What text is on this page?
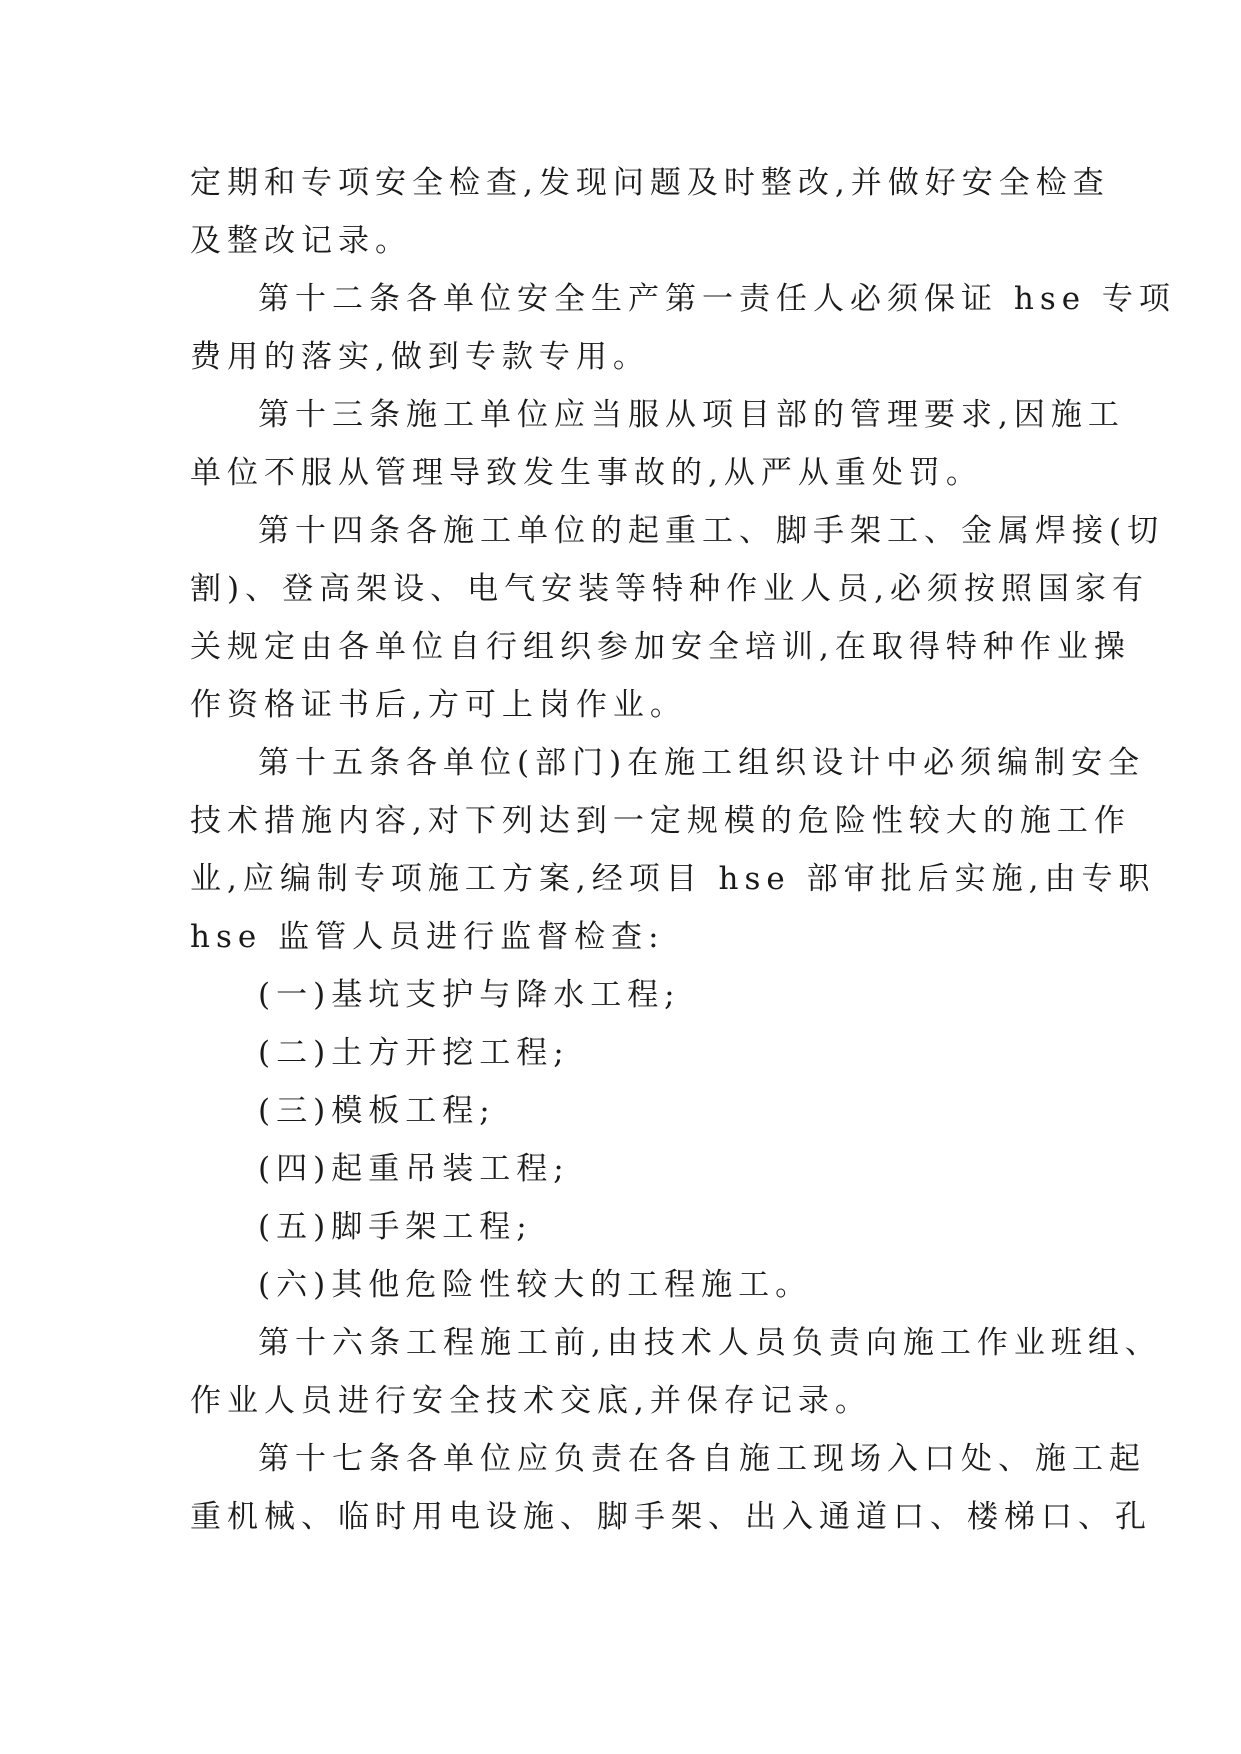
定期和专项安全检查,发现问题及时整改,并做好安全检查
及整改记录。
第十二条各单位安全生产第一责任人必须保证 hse 专项
费用的落实,做到专款专用。
第十三条施工单位应当服从项目部的管理要求,因施工
单位不服从管理导致发生事故的,从严从重处罚。
第十四条各施工单位的起重工、脚手架工、金属焊接(切
割)、登高架设、电气安装等特种作业人员,必须按照国家有
关规定由各单位自行组织参加安全培训,在取得特种作业操
作资格证书后,方可上岗作业。
第十五条各单位(部门)在施工组织设计中必须编制安全
技术措施内容,对下列达到一定规模的危险性较大的施工作
业,应编制专项施工方案,经项目 hse 部审批后实施,由专职
hse 监管人员进行监督检查:
(一)基坑支护与降水工程;
(二)土方开挖工程;
(三)模板工程;
(四)起重吊装工程;
(五)脚手架工程;
(六)其他危险性较大的工程施工。
第十六条工程施工前,由技术人员负责向施工作业班组、
作业人员进行安全技术交底,并保存记录。
第十七条各单位应负责在各自施工现场入口处、施工起
重机械、临时用电设施、脚手架、出入通道口、楼梯口、孔
